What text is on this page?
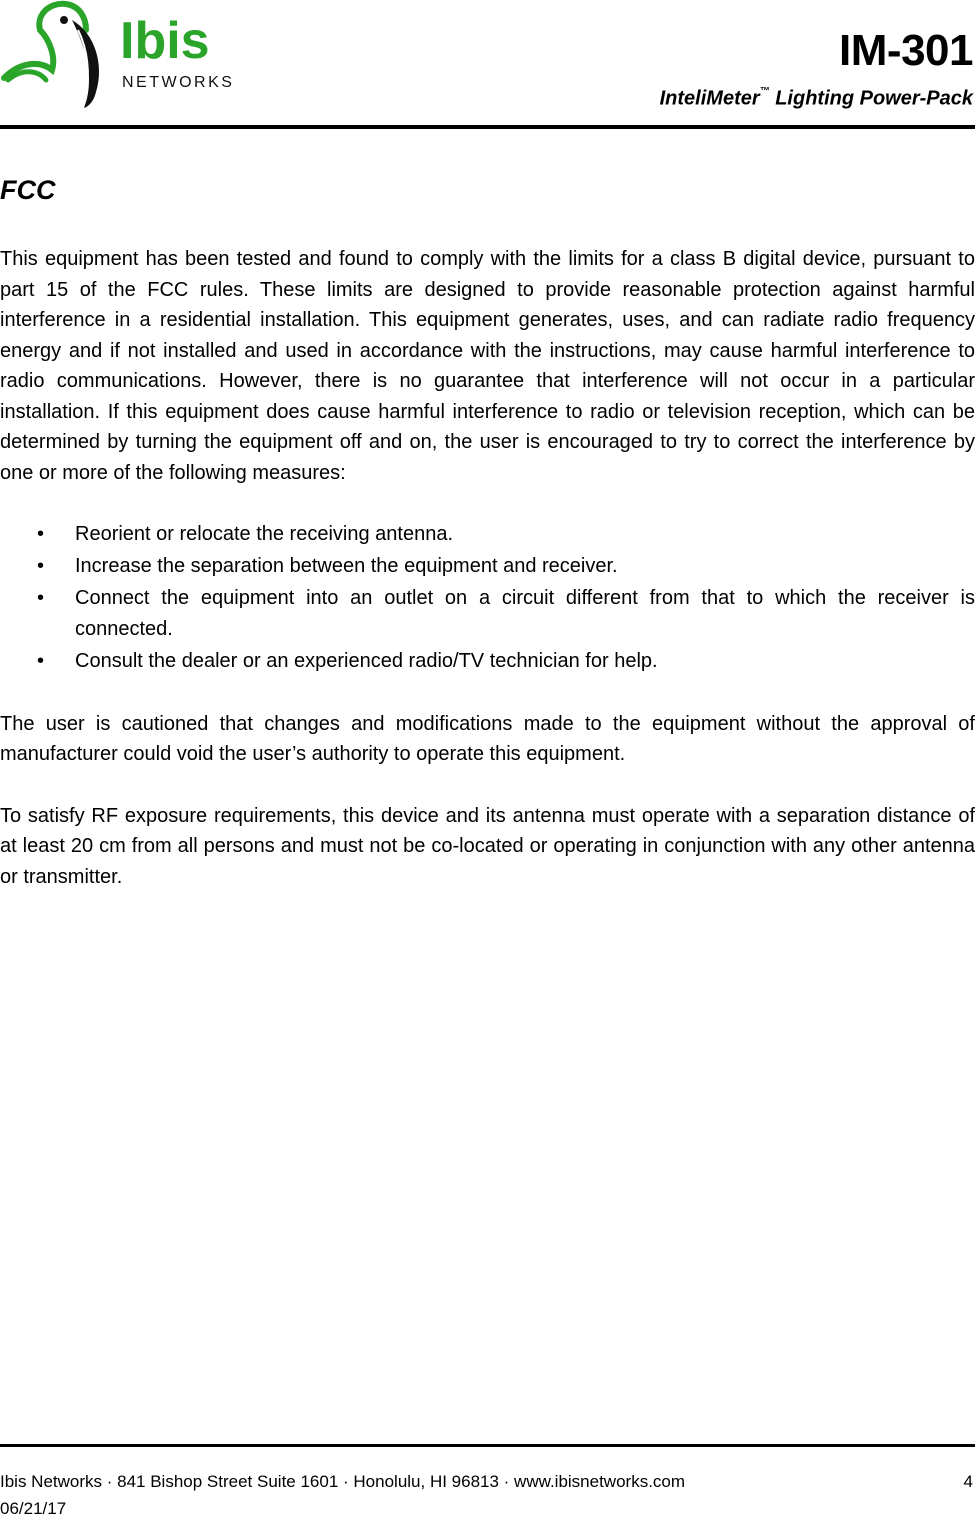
Ibis
NETWORKS
IM-301
InteliMeter™ Lighting Power-Pack
FCC

This equipment has been tested and found to comply with the limits for a class B digital device, pursuant to part 15 of the FCC rules. These limits are designed to provide reasonable protection against harmful interference in a residential installation. This equipment generates, uses, and can radiate radio frequency energy and if not installed and used in accordance with the instructions, may cause harmful interference to radio communications. However, there is no guarantee that interference will not occur in a particular installation. If this equipment does cause harmful interference to radio or television reception, which can be determined by turning the equipment off and on, the user is encouraged to try to correct the interference by one or more of the following measures:

• Reorient or relocate the receiving antenna.
• Increase the separation between the equipment and receiver.
• Connect the equipment into an outlet on a circuit different from that to which the receiver is connected.
• Consult the dealer or an experienced radio/TV technician for help.

The user is cautioned that changes and modifications made to the equipment without the approval of manufacturer could void the user’s authority to operate this equipment.

To satisfy RF exposure requirements, this device and its antenna must operate with a separation distance of at least 20 cm from all persons and must not be co-located or operating in conjunction with any other antenna or transmitter.

Ibis Networks · 841 Bishop Street Suite 1601 · Honolulu, HI 96813 · www.ibisnetworks.com
06/21/17
4
